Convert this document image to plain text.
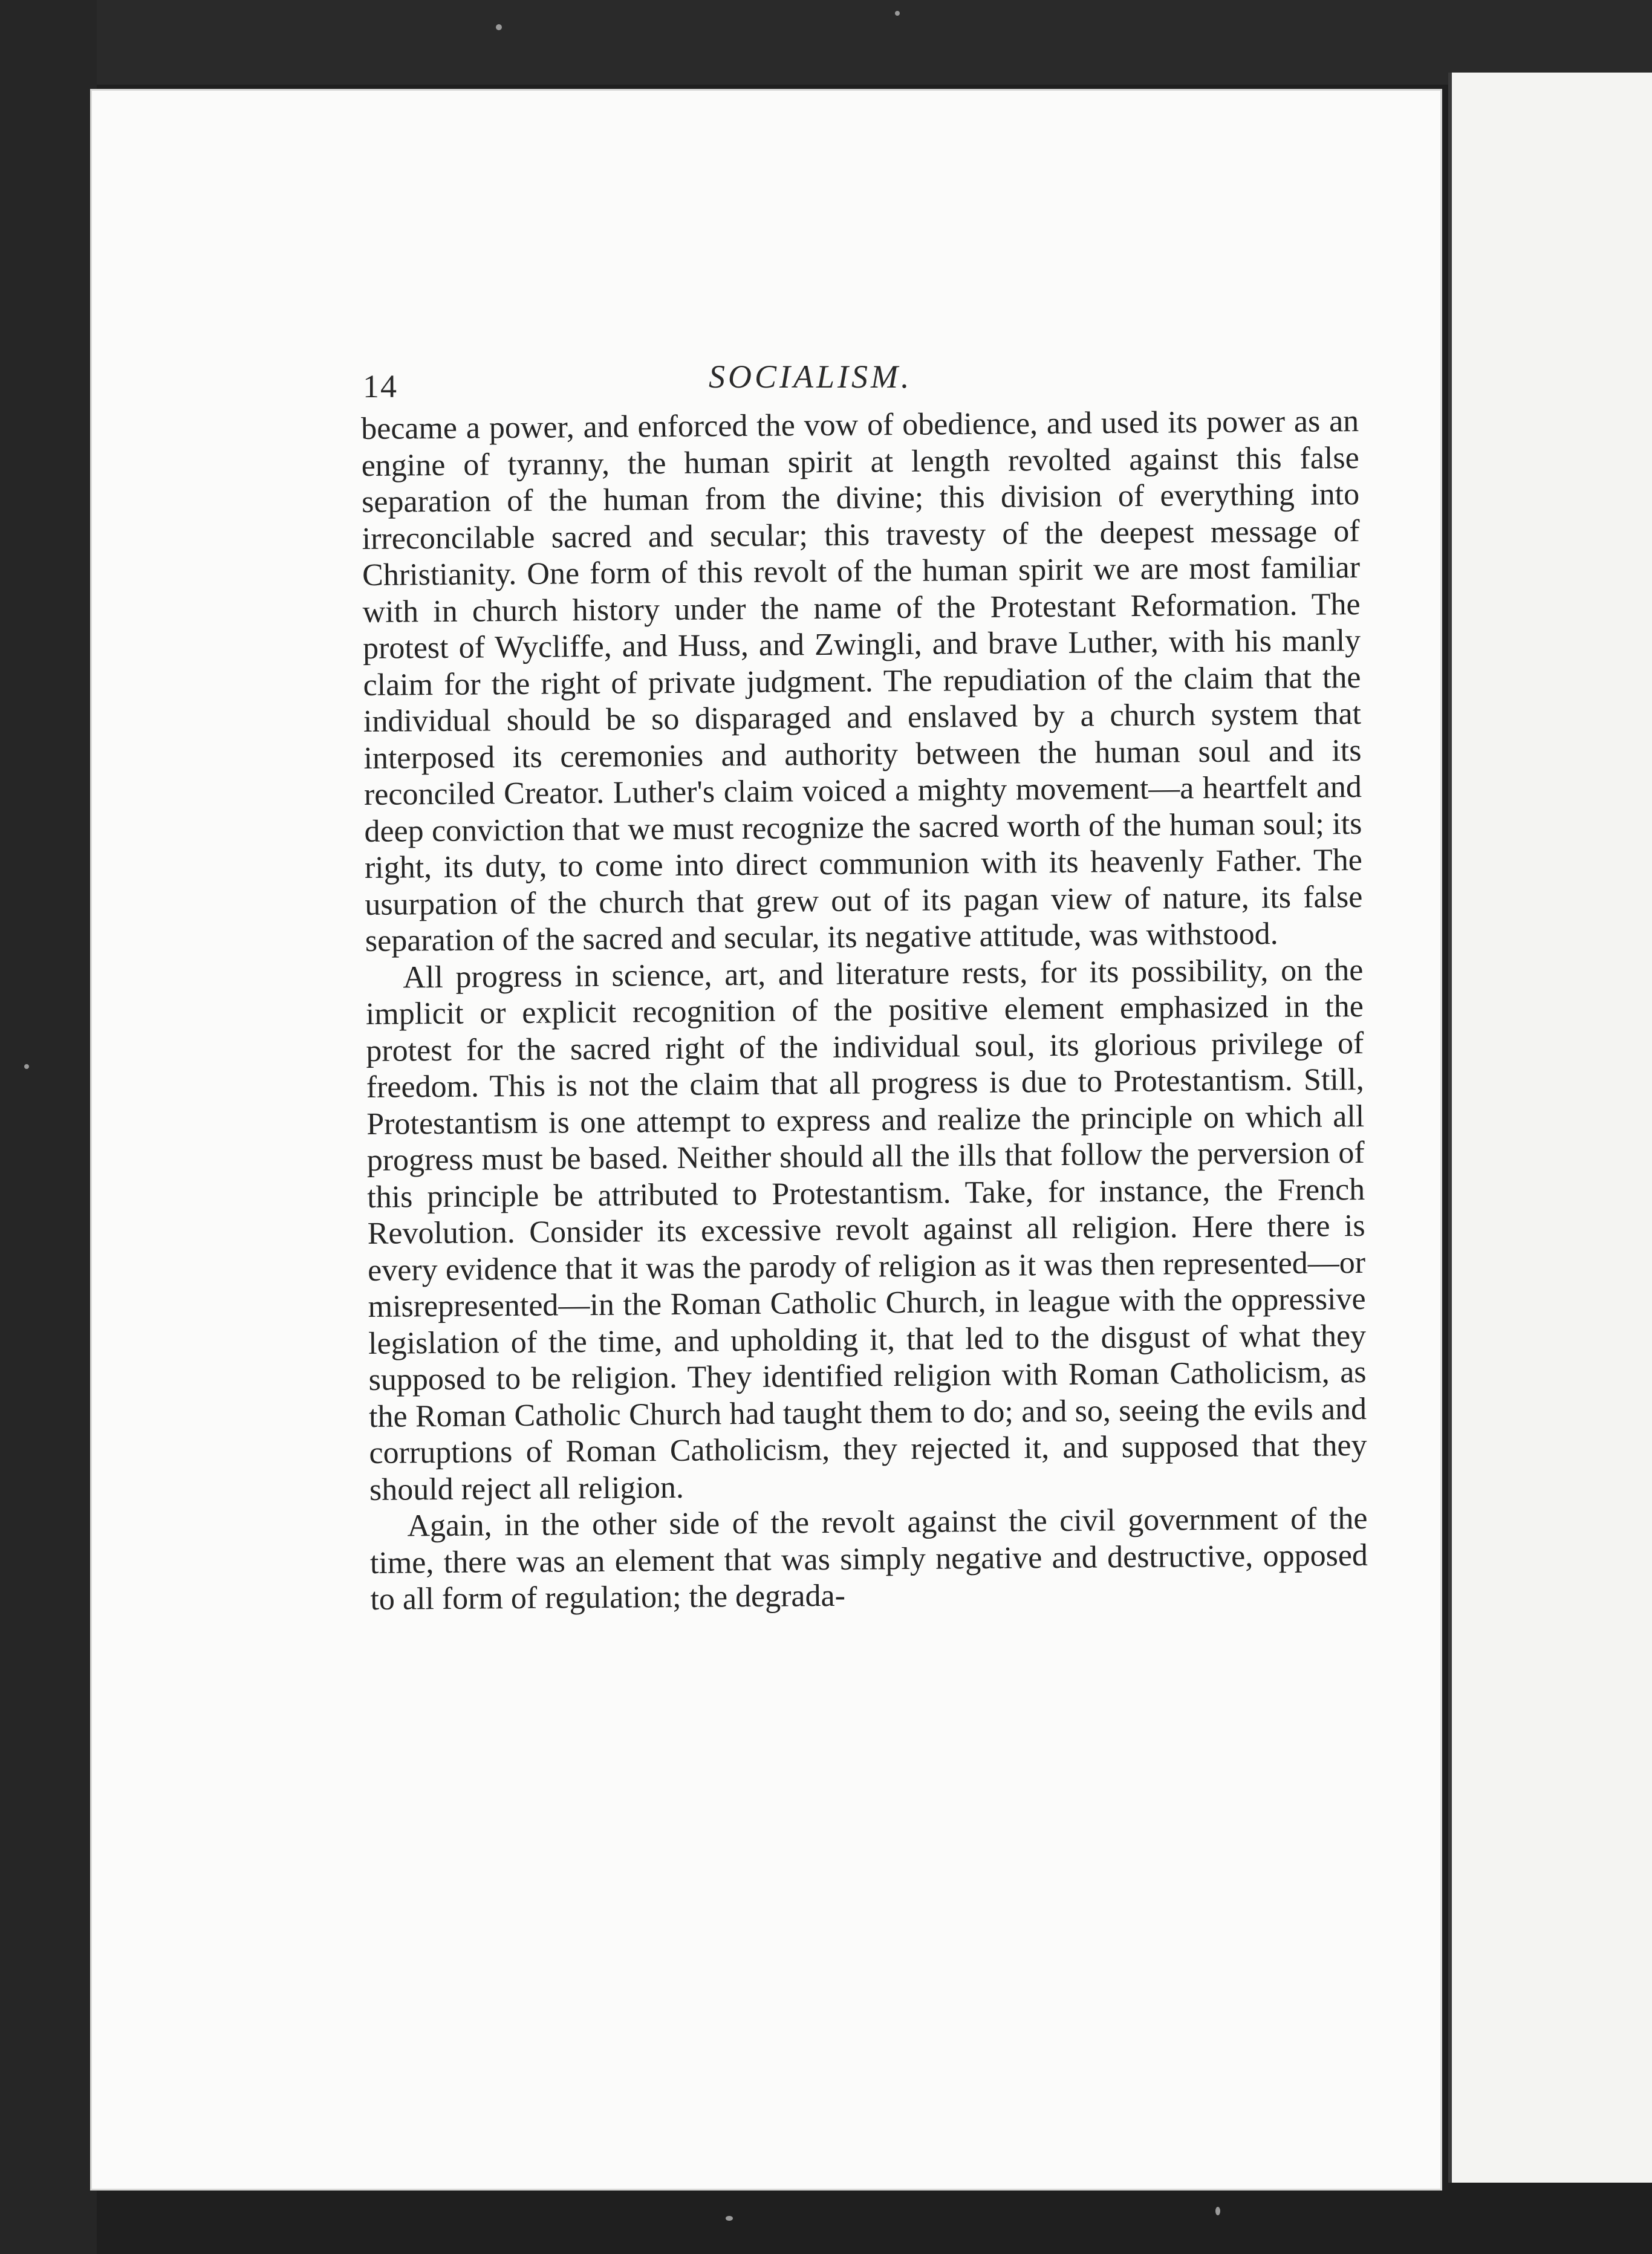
14	SOCIALISM.

became a power, and enforced the vow of obedience, and used its power as an engine of tyranny, the human spirit at length revolted against this false separation of the human from the divine; this division of everything into irreconcilable sacred and secular; this travesty of the deepest message of Christianity. One form of this revolt of the human spirit we are most familiar with in church history under the name of the Protestant Reformation. The protest of Wycliffe, and Huss, and Zwingli, and brave Luther, with his manly claim for the right of private judgment. The repudiation of the claim that the individual should be so disparaged and enslaved by a church system that interposed its ceremonies and authority between the human soul and its reconciled Creator. Luther's claim voiced a mighty movement—a heartfelt and deep conviction that we must recognize the sacred worth of the human soul; its right, its duty, to come into direct communion with its heavenly Father. The usurpation of the church that grew out of its pagan view of nature, its false separation of the sacred and secular, its negative attitude, was withstood.

All progress in science, art, and literature rests, for its possibility, on the implicit or explicit recognition of the positive element emphasized in the protest for the sacred right of the individual soul, its glorious privilege of freedom. This is not the claim that all progress is due to Protestantism. Still, Protestantism is one attempt to express and realize the principle on which all progress must be based. Neither should all the ills that follow the perversion of this principle be attributed to Protestantism. Take, for instance, the French Revolution. Consider its excessive revolt against all religion. Here there is every evidence that it was the parody of religion as it was then represented—or misrepresented—in the Roman Catholic Church, in league with the oppressive legislation of the time, and upholding it, that led to the disgust of what they supposed to be religion. They identified religion with Roman Catholicism, as the Roman Catholic Church had taught them to do; and so, seeing the evils and corruptions of Roman Catholicism, they rejected it, and supposed that they should reject all religion.

Again, in the other side of the revolt against the civil government of the time, there was an element that was simply negative and destructive, opposed to all form of regulation; the degrada-
